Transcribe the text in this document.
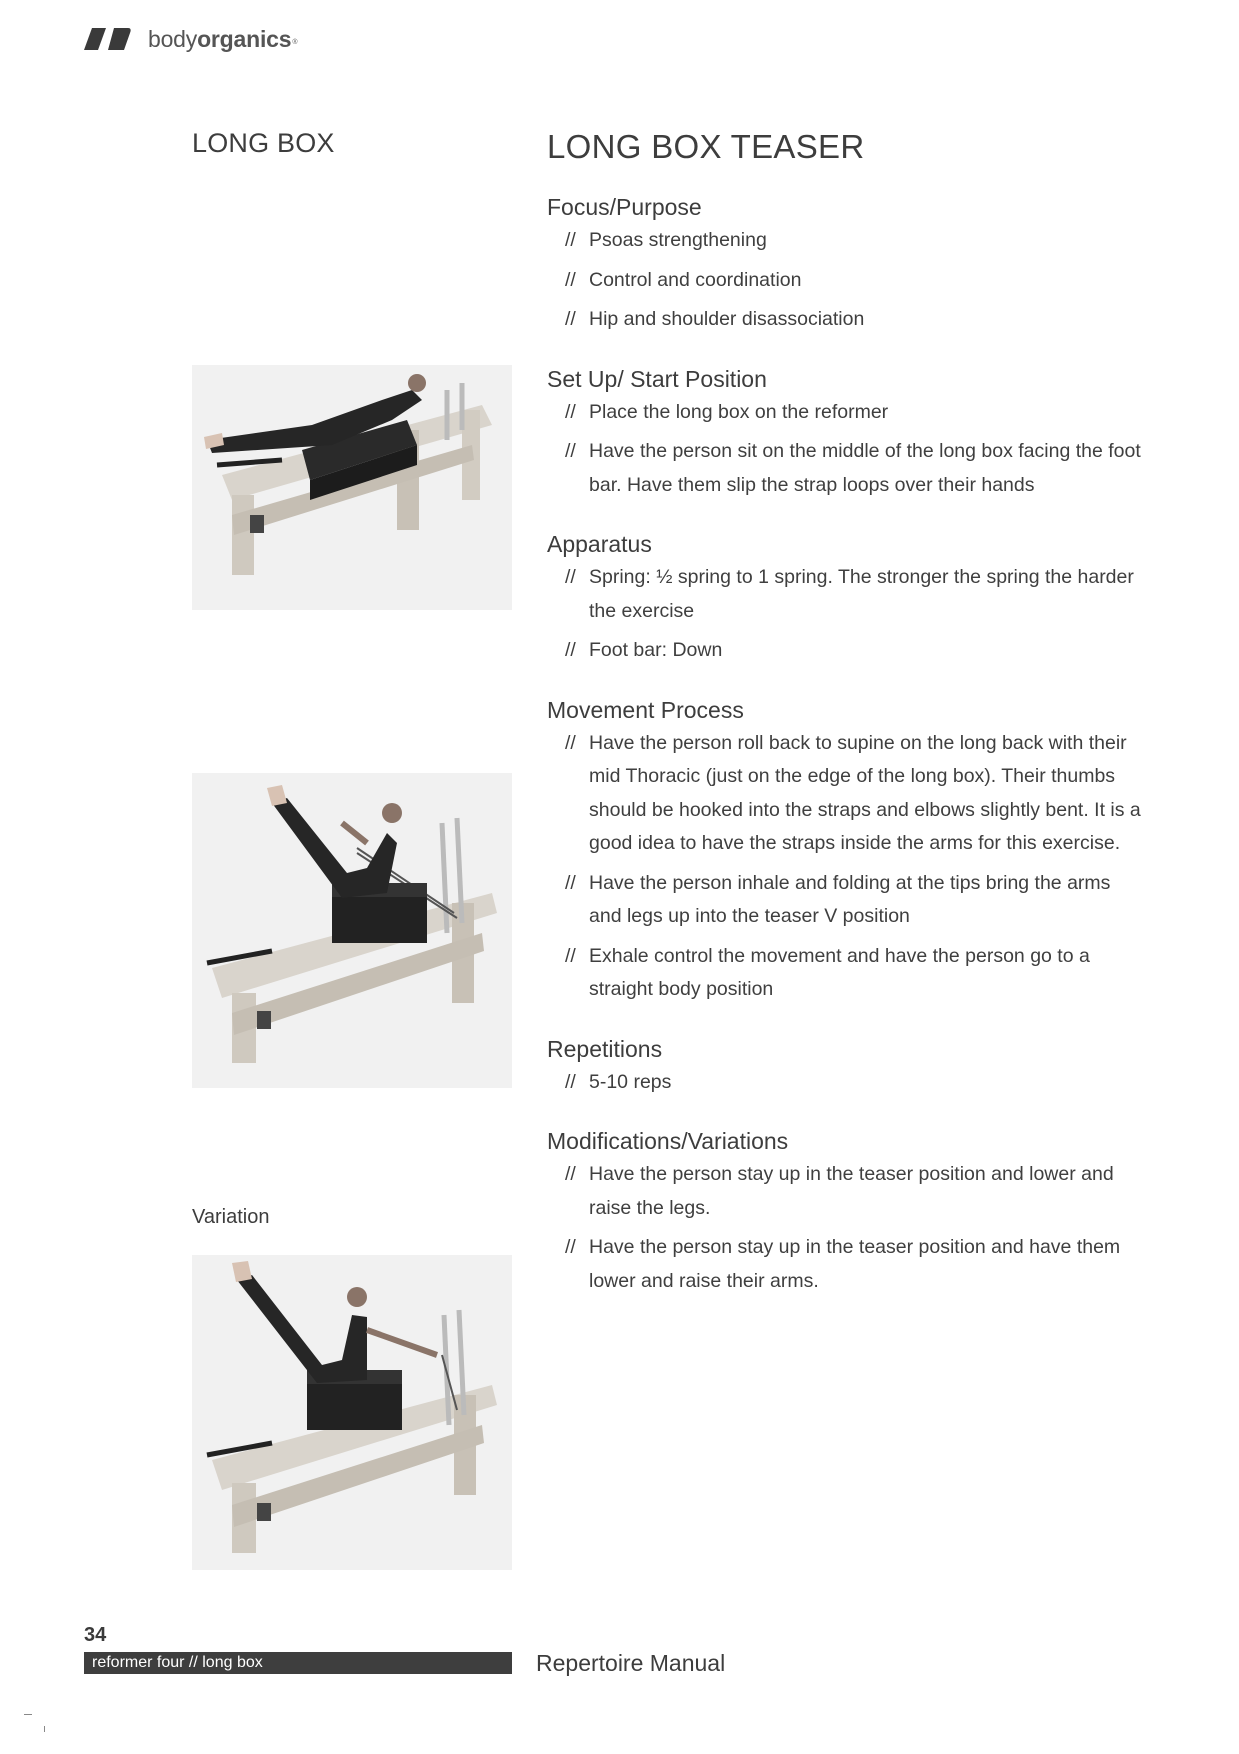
bodyorganics®
LONG BOX	LONG BOX TEASER
Variation
Focus/Purpose
// Psoas strengthening
// Control and coordination
// Hip and shoulder disassociation
Set Up/ Start Position
// Place the long box on the reformer
// Have the person sit on the middle of the long box facing the foot bar. Have them slip the strap loops over their hands
Apparatus
// Spring: ½ spring to 1 spring. The stronger the spring the harder the exercise
// Foot bar: Down
Movement Process
// Have the person roll back to supine on the long back with their mid Thoracic (just on the edge of the long box). Their thumbs should be hooked into the straps and elbows slightly bent. It is a good idea to have the straps inside the arms for this exercise.
// Have the person inhale and folding at the tips bring the arms and legs up into the teaser V position
// Exhale control the movement and have the person go to a straight body position
Repetitions
// 5-10 reps
Modifications/Variations
// Have the person stay up in the teaser position and lower and raise the legs.
// Have the person stay up in the teaser position and have them lower and raise their arms.
34
reformer four // long box	Repertoire Manual
